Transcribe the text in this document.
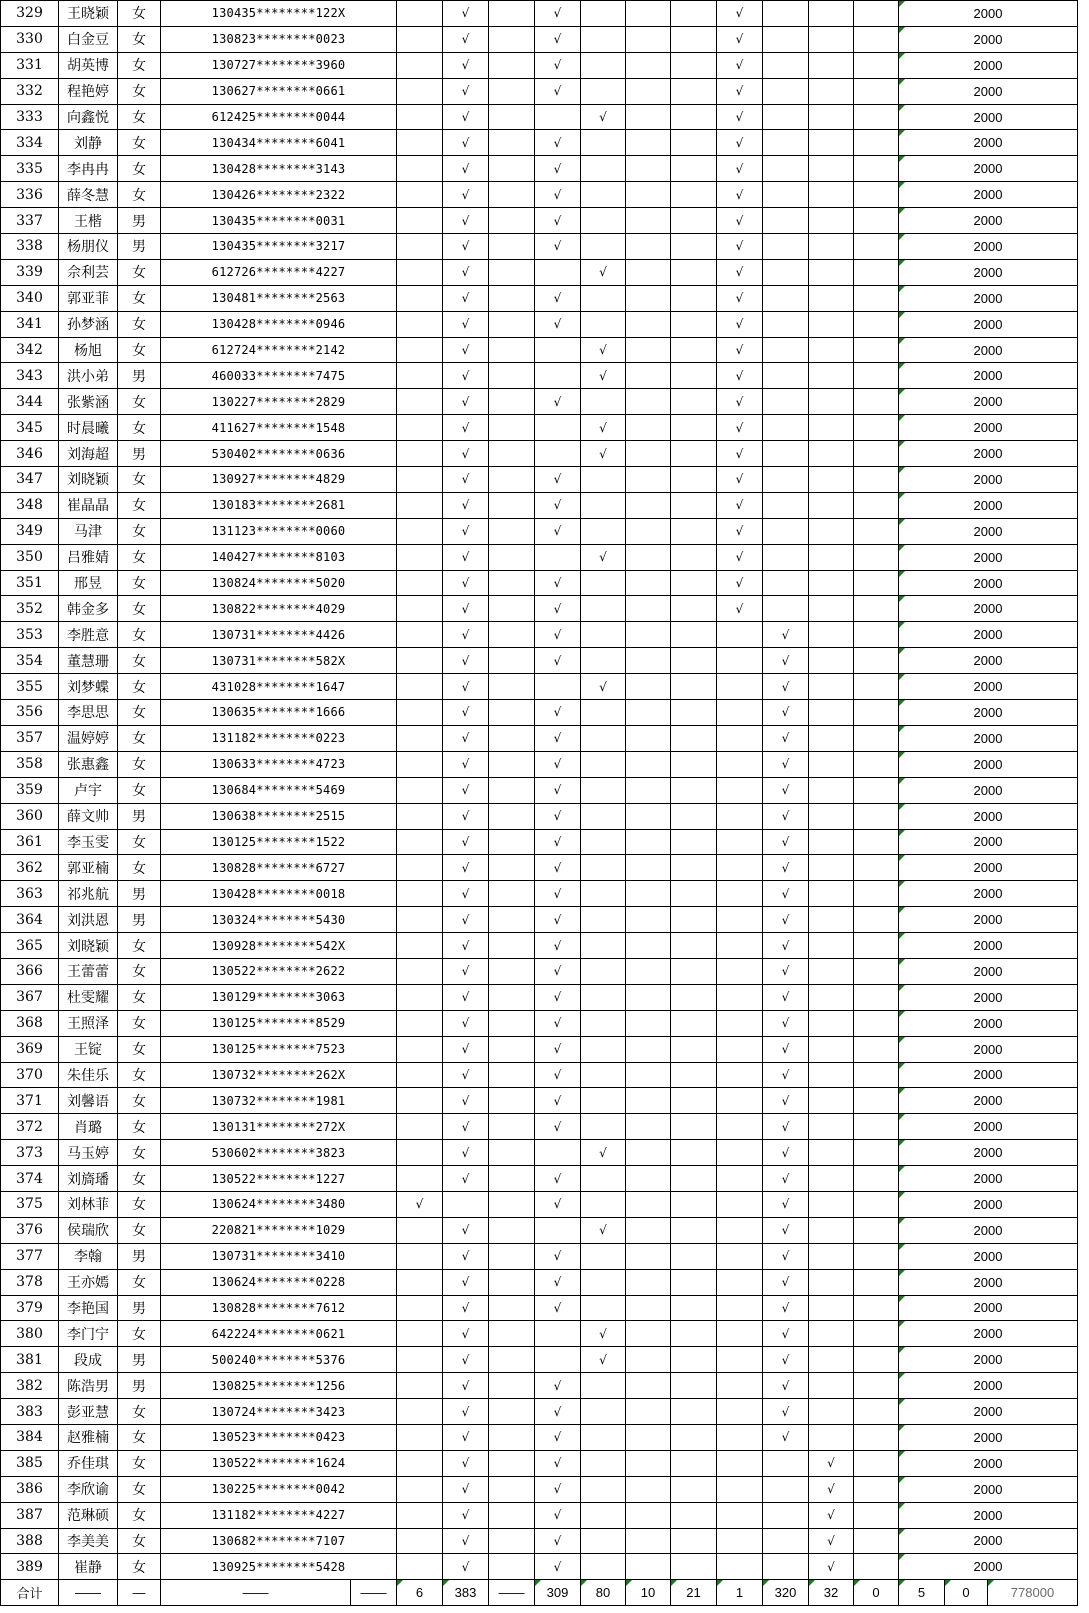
329	王晓颖	女	130435********122X			√		√				√				2000		
330	白金豆	女	130823********0023			√		√				√				2000		
331	胡英博	女	130727********3960			√		√				√				2000		
332	程艳婷	女	130627********0661			√		√				√				2000		
333	向鑫悦	女	612425********0044			√			√			√				2000		
334	刘静	女	130434********6041			√		√				√				2000		
335	李冉冉	女	130428********3143			√		√				√				2000		
336	薛冬慧	女	130426********2322			√		√				√				2000		
337	王楷	男	130435********0031			√		√				√				2000		
338	杨朋仪	男	130435********3217			√		√				√				2000		
339	佘利芸	女	612726********4227			√			√			√				2000		
340	郭亚菲	女	130481********2563			√		√				√				2000		
341	孙梦涵	女	130428********0946			√		√				√				2000		
342	杨旭	女	612724********2142			√			√			√				2000		
343	洪小弟	男	460033********7475			√			√			√				2000		
344	张紫涵	女	130227********2829			√		√				√				2000		
345	时晨曦	女	411627********1548			√			√			√				2000		
346	刘海超	男	530402********0636			√			√			√				2000		
347	刘晓颖	女	130927********4829			√		√				√				2000		
348	崔晶晶	女	130183********2681			√		√				√				2000		
349	马津	女	131123********0060			√		√				√				2000		
350	吕雅婧	女	140427********8103			√			√			√				2000		
351	邢昱	女	130824********5020			√		√				√				2000		
352	韩金多	女	130822********4029			√		√				√				2000		
353	李胜意	女	130731********4426			√		√					√			2000		
354	董慧珊	女	130731********582X			√		√					√			2000		
355	刘梦蝶	女	431028********1647			√			√				√			2000		
356	李思思	女	130635********1666			√		√					√			2000		
357	温婷婷	女	131182********0223			√		√					√			2000		
358	张惠鑫	女	130633********4723			√		√					√			2000		
359	卢宇	女	130684********5469			√		√					√			2000		
360	薛文帅	男	130638********2515			√		√					√			2000		
361	李玉雯	女	130125********1522			√		√					√			2000		
362	郭亚楠	女	130828********6727			√		√					√			2000		
363	祁兆航	男	130428********0018			√		√					√			2000		
364	刘洪恩	男	130324********5430			√		√					√			2000		
365	刘晓颖	女	130928********542X			√		√					√			2000		
366	王蕾蕾	女	130522********2622			√		√					√			2000		
367	杜雯耀	女	130129********3063			√		√					√			2000		
368	王照泽	女	130125********8529			√		√					√			2000		
369	王锭	女	130125********7523			√		√					√			2000		
370	朱佳乐	女	130732********262X			√		√					√			2000		
371	刘馨语	女	130732********1981			√		√					√			2000		
372	肖璐	女	130131********272X			√		√					√			2000		
373	马玉婷	女	530602********3823			√			√				√			2000		
374	刘旖璠	女	130522********1227			√		√					√			2000		
375	刘林菲	女	130624********3480		√			√					√			2000		
376	侯瑞欣	女	220821********1029			√			√				√			2000		
377	李翰	男	130731********3410			√		√					√			2000		
378	王亦嫣	女	130624********0228			√		√					√			2000		
379	李艳国	男	130828********7612			√		√					√			2000		
380	李门宁	女	642224********0621			√			√				√			2000		
381	段成	男	500240********5376			√			√				√			2000		
382	陈浩男	男	130825********1256			√		√					√			2000		
383	彭亚慧	女	130724********3423			√		√					√			2000		
384	赵雅楠	女	130523********0423			√		√					√			2000		
385	乔佳琪	女	130522********1624			√		√						√		2000		
386	李欣谕	女	130225********0042			√		√						√		2000		
387	范琳硕	女	131182********4227			√		√						√		2000		
388	李美美	女	130682********7107			√		√						√		2000		
389	崔静	女	130925********5428			√		√						√		2000		
合计	——	—	——	——	6	383	——	309	80	10	21	1	320	32	0	5	0	778000
